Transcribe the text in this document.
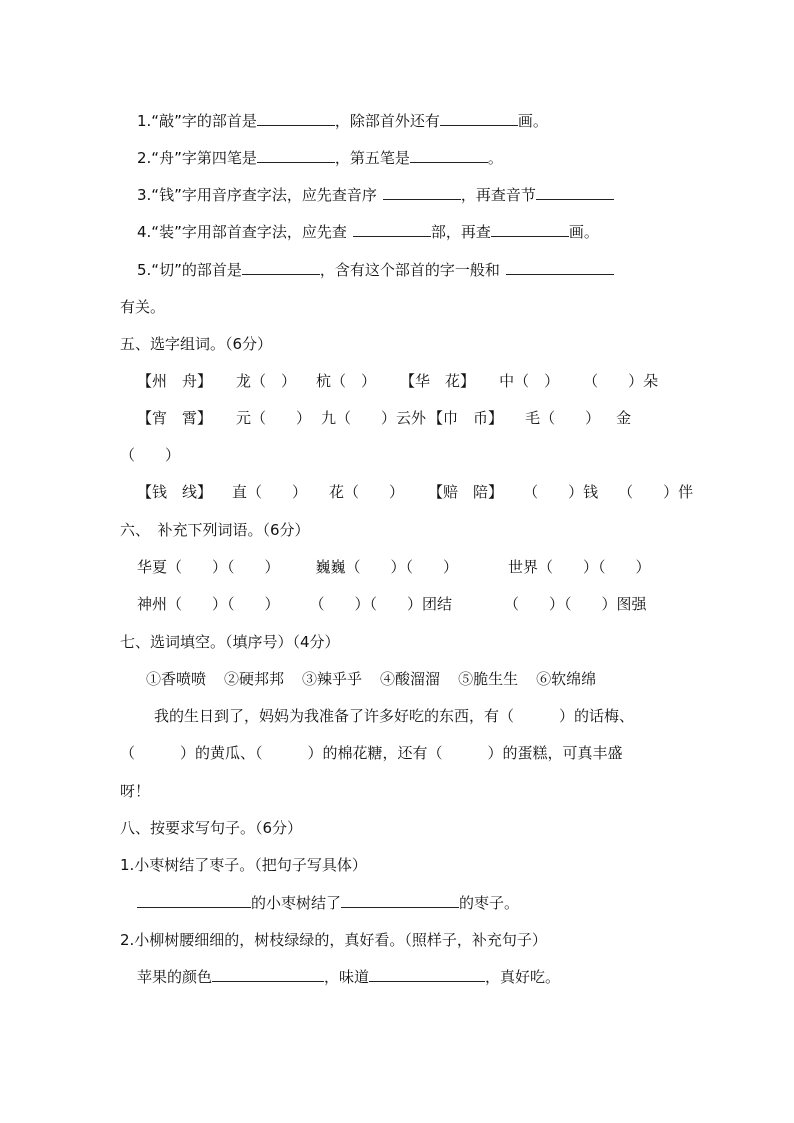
1.“敲”字的部首是	，除部首外还有	画。
2.“舟”字第四笔是	，第五笔是	。
3.“钱”字用音序查字法，应先查音序	，再查音节
4.“装”字用部首查字法，应先查	部，再查	画。
5.“切”的部首是	，含有这个部首的字一般和
有关。
五、选字组词。（6分）
【州　舟】 龙（　） 杭（　） 【华　花】 中（　） （　　）朵
【宵　霄】 元（　　） 九（　　）云外 【巾　币】 毛（　　） 金
（　　）
【钱　线】 直（　　） 花（　　） 【赔　陪】 （　　）钱 （　　）伴
六、　补充下列词语。（6分）
华夏（　　）（　　） 巍巍（　　）（　　）	世界（　　）（　　）
神州（　　）（　　） （　　）（　　）团结	（　　）（　　）图强
七、选词填空。（填序号）（4分）
①香喷喷 ②硬邦邦 ③辣乎乎 ④酸溜溜 ⑤脆生生 ⑥软绵绵
我的生日到了，妈妈为我准备了许多好吃的东西，有（　　　）的话梅、
（　　　）的黄瓜、（　　　）的棉花糖，还有（　　　）的蛋糕，可真丰盛
呀！
八、按要求写句子。（6分）
1.小枣树结了枣子。（把句子写具体）
的小枣树结了	的枣子。
2.小柳树腰细细的，树枝绿绿的，真好看。（照样子，补充句子）
苹果的颜色	，味道	，真好吃。
